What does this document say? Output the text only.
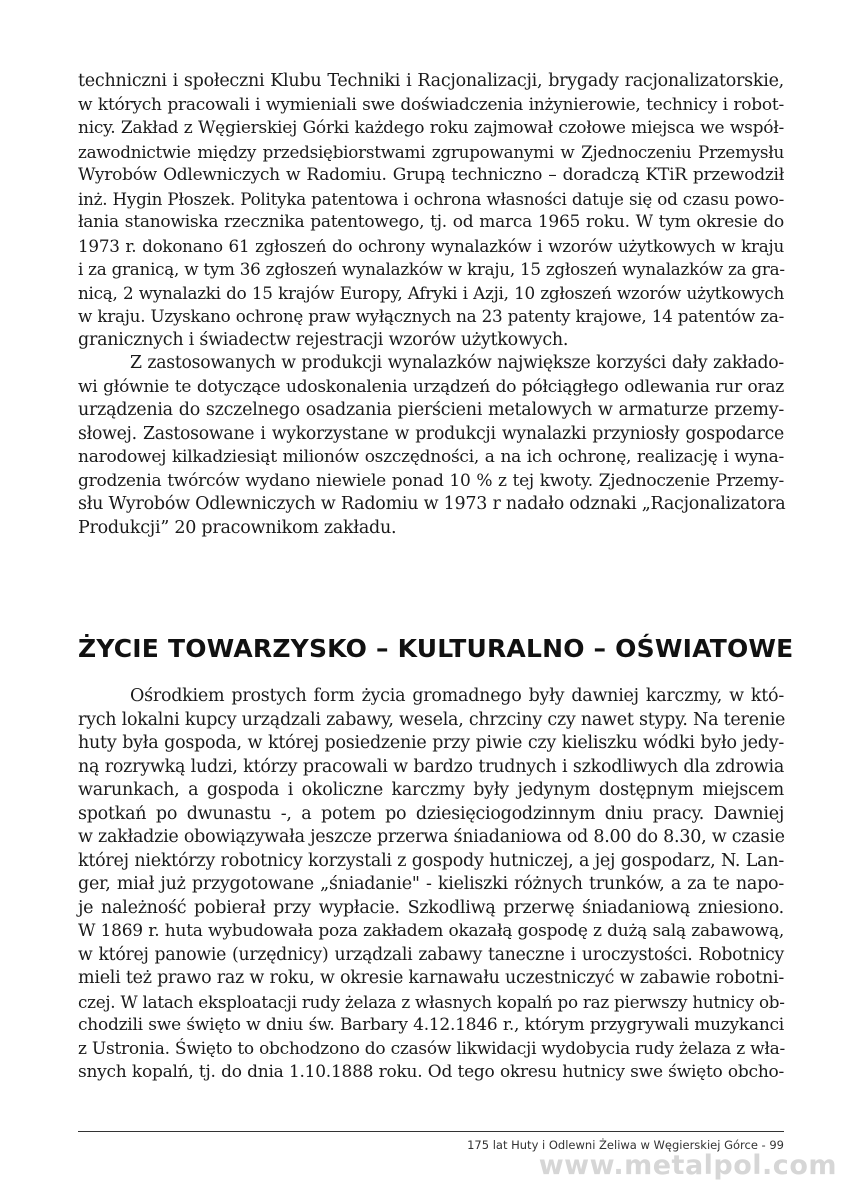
techniczni i społeczni Klubu Techniki i Racjonalizacji, brygady racjonalizatorskie,
w których pracowali i wymieniali swe doświadczenia inżynierowie, technicy i robot-
nicy. Zakład z Węgierskiej Górki każdego roku zajmował czołowe miejsca we współ-
zawodnictwie między przedsiębiorstwami zgrupowanymi w Zjednoczeniu Przemysłu
Wyrobów Odlewniczych w Radomiu. Grupą techniczno – doradczą KTiR przewodził
inż. Hygin Płoszek. Polityka patentowa i ochrona własności datuje się od czasu powo-
łania stanowiska rzecznika patentowego, tj. od marca 1965 roku. W tym okresie do
1973 r. dokonano 61 zgłoszeń do ochrony wynalazków i wzorów użytkowych w kraju
i za granicą, w tym 36 zgłoszeń wynalazków w kraju, 15 zgłoszeń wynalazków za gra-
nicą, 2 wynalazki do 15 krajów Europy, Afryki i Azji, 10 zgłoszeń wzorów użytkowych
w kraju. Uzyskano ochronę praw wyłącznych na 23 patenty krajowe, 14 patentów za-
granicznych i świadectw rejestracji wzorów użytkowych.
Z zastosowanych w produkcji wynalazków największe korzyści dały zakłado-
wi głównie te dotyczące udoskonalenia urządzeń do półciągłego odlewania rur oraz
urządzenia do szczelnego osadzania pierścieni metalowych w armaturze przemy-
słowej. Zastosowane i wykorzystane w produkcji wynalazki przyniosły gospodarce
narodowej kilkadziesiąt milionów oszczędności, a na ich ochronę, realizację i wyna-
grodzenia twórców wydano niewiele ponad 10 % z tej kwoty. Zjednoczenie Przemy-
słu Wyrobów Odlewniczych w Radomiu w 1973 r nadało odznaki „Racjonalizatora
Produkcji” 20 pracownikom zakładu.
ŻYCIE TOWARZYSKO – KULTURALNO – OŚWIATOWE
Ośrodkiem prostych form życia gromadnego były dawniej karczmy, w któ-
rych lokalni kupcy urządzali zabawy, wesela, chrzciny czy nawet stypy. Na terenie
huty była gospoda, w której posiedzenie przy piwie czy kieliszku wódki było jedy-
ną rozrywką ludzi, którzy pracowali w bardzo trudnych i szkodliwych dla zdrowia
warunkach, a gospoda i okoliczne karczmy były jedynym dostępnym miejscem
spotkań po dwunastu -, a potem po dziesięciogodzinnym dniu pracy. Dawniej
w zakładzie obowiązywała jeszcze przerwa śniadaniowa od 8.00 do 8.30, w czasie
której niektórzy robotnicy korzystali z gospody hutniczej, a jej gospodarz, N. Lan-
ger, miał już przygotowane „śniadanie" - kieliszki różnych trunków, a za te napo-
je należność pobierał przy wypłacie. Szkodliwą przerwę śniadaniową zniesiono.
W 1869 r. huta wybudowała poza zakładem okazałą gospodę z dużą salą zabawową,
w której panowie (urzędnicy) urządzali zabawy taneczne i uroczystości. Robotnicy
mieli też prawo raz w roku, w okresie karnawału uczestniczyć w zabawie robotni-
czej. W latach eksploatacji rudy żelaza z własnych kopalń po raz pierwszy hutnicy ob-
chodzili swe święto w dniu św. Barbary 4.12.1846 r., którym przygrywali muzykanci
z Ustronia. Święto to obchodzono do czasów likwidacji wydobycia rudy żelaza z wła-
snych kopalń, tj. do dnia 1.10.1888 roku. Od tego okresu hutnicy swe święto obcho-
175 lat Huty i Odlewni Żeliwa w Węgierskiej Górce - 99
www.metalpol.com
